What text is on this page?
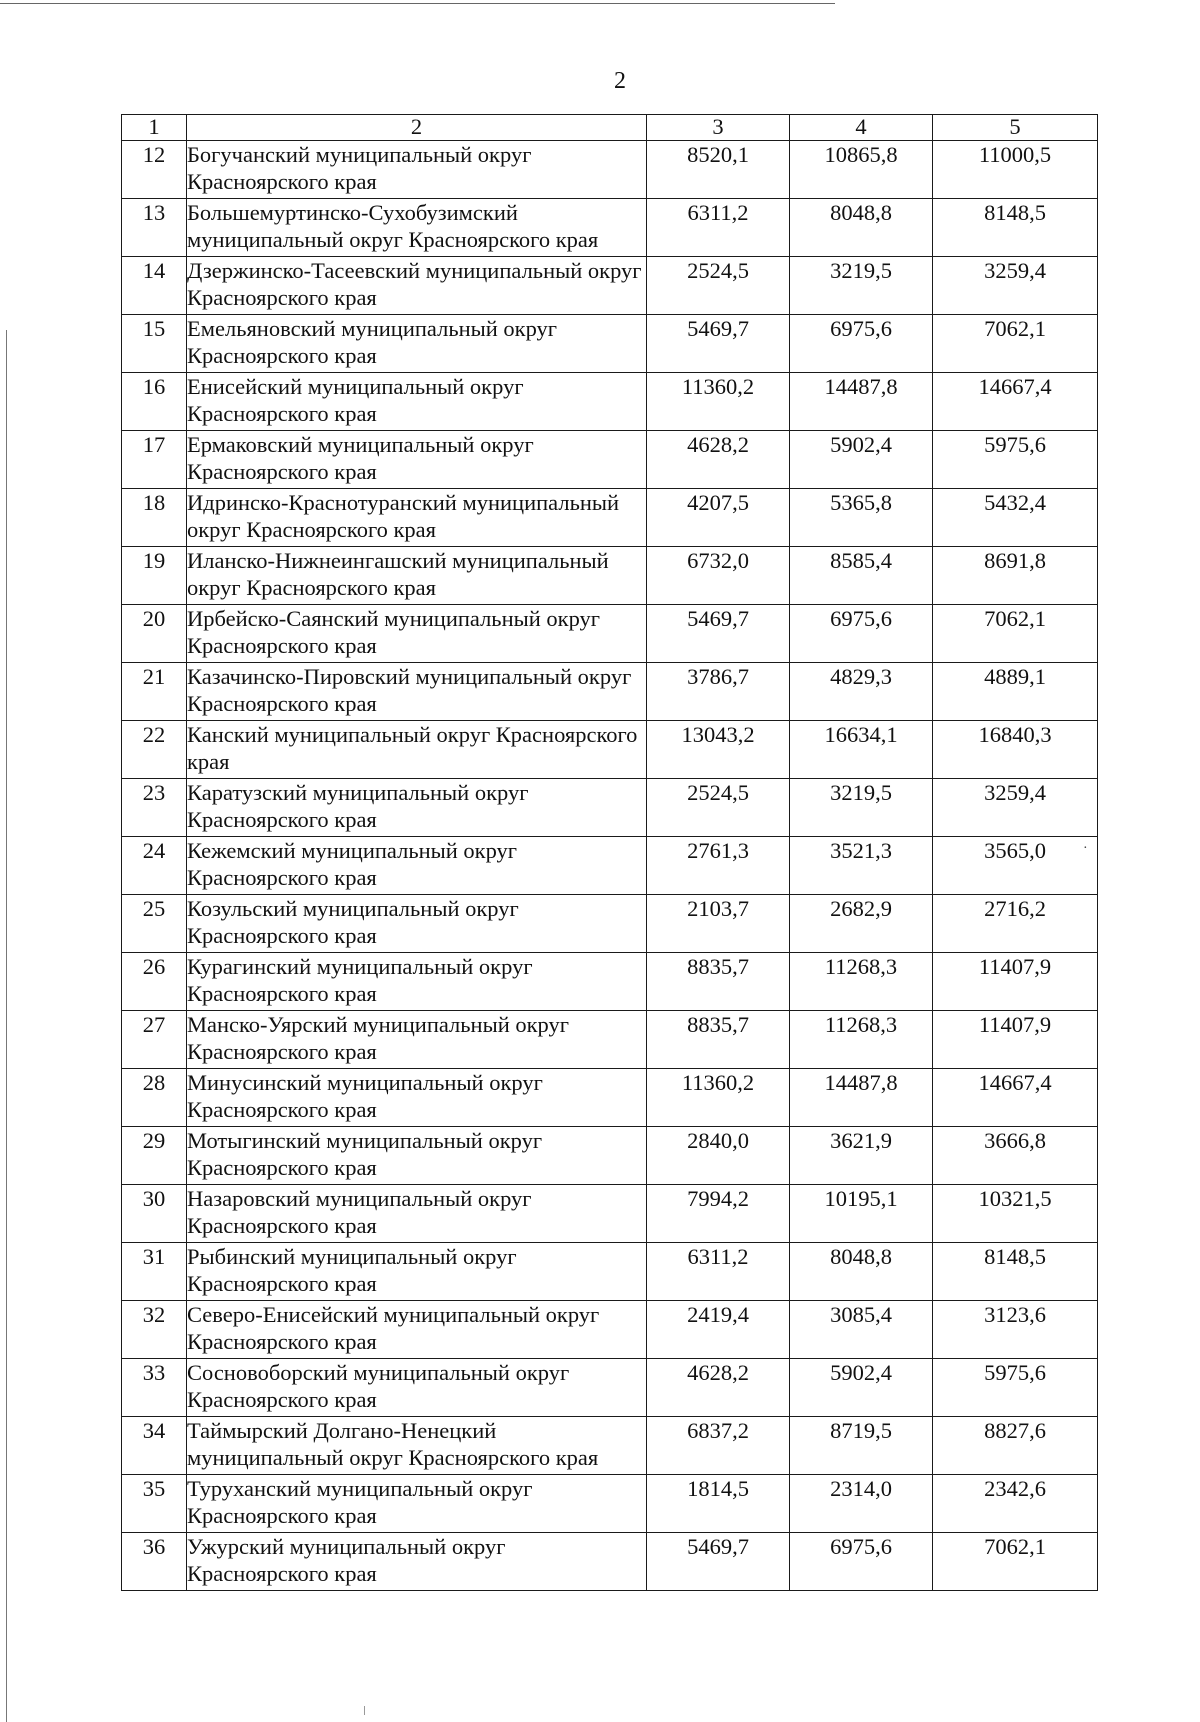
2
1	2	3	4	5
12	Богучанский муниципальный округ Красноярского края	8520,1	10865,8	11000,5
13	Большемуртинско-Сухобузимский муниципальный округ Красноярского края	6311,2	8048,8	8148,5
14	Дзержинско-Тасеевский муниципальный округ Красноярского края	2524,5	3219,5	3259,4
15	Емельяновский муниципальный округ Красноярского края	5469,7	6975,6	7062,1
16	Енисейский муниципальный округ Красноярского края	11360,2	14487,8	14667,4
17	Ермаковский муниципальный округ Красноярского края	4628,2	5902,4	5975,6
18	Идринско-Краснотуранский муниципальный округ Красноярского края	4207,5	5365,8	5432,4
19	Иланско-Нижнеингашский муниципальный округ Красноярского края	6732,0	8585,4	8691,8
20	Ирбейско-Саянский муниципальный округ Красноярского края	5469,7	6975,6	7062,1
21	Казачинско-Пировский муниципальный округ Красноярского края	3786,7	4829,3	4889,1
22	Канский муниципальный округ Красноярского края	13043,2	16634,1	16840,3
23	Каратузский муниципальный округ Красноярского края	2524,5	3219,5	3259,4
24	Кежемский муниципальный округ Красноярского края	2761,3	3521,3	3565,0
25	Козульский муниципальный округ Красноярского края	2103,7	2682,9	2716,2
26	Курагинский муниципальный округ Красноярского края	8835,7	11268,3	11407,9
27	Манско-Уярский муниципальный округ Красноярского края	8835,7	11268,3	11407,9
28	Минусинский муниципальный округ Красноярского края	11360,2	14487,8	14667,4
29	Мотыгинский муниципальный округ Красноярского края	2840,0	3621,9	3666,8
30	Назаровский муниципальный округ Красноярского края	7994,2	10195,1	10321,5
31	Рыбинский муниципальный округ Красноярского края	6311,2	8048,8	8148,5
32	Северо-Енисейский муниципальный округ Красноярского края	2419,4	3085,4	3123,6
33	Сосновоборский муниципальный округ Красноярского края	4628,2	5902,4	5975,6
34	Таймырский Долгано-Ненецкий муниципальный округ Красноярского края	6837,2	8719,5	8827,6
35	Туруханский муниципальный округ Красноярского края	1814,5	2314,0	2342,6
36	Ужурский муниципальный округ Красноярского края	5469,7	6975,6	7062,1
·
